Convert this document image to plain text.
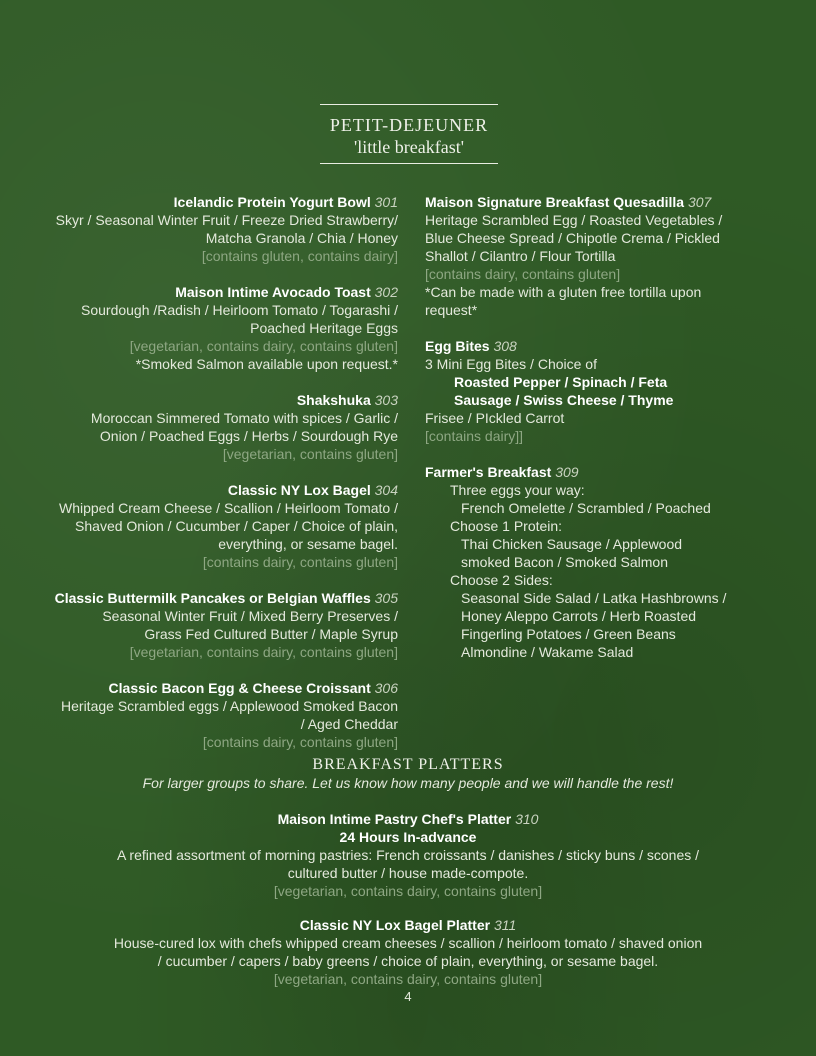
PETIT-DEJEUNER
'little breakfast'
Icelandic Protein Yogurt Bowl 301
Skyr / Seasonal Winter Fruit / Freeze Dried Strawberry/
Matcha Granola / Chia / Honey
[contains gluten, contains dairy]
Maison Intime Avocado Toast 302
Sourdough /Radish / Heirloom Tomato / Togarashi /
Poached Heritage Eggs
[vegetarian, contains dairy, contains gluten]
*Smoked Salmon available upon request.*
Shakshuka 303
Moroccan Simmered Tomato with spices / Garlic /
Onion / Poached Eggs / Herbs / Sourdough Rye
[vegetarian, contains gluten]
Classic NY Lox Bagel 304
Whipped Cream Cheese / Scallion / Heirloom Tomato /
Shaved Onion / Cucumber / Caper / Choice of plain,
everything, or sesame bagel.
[contains dairy, contains gluten]
Classic Buttermilk Pancakes or Belgian Waffles 305
Seasonal Winter Fruit / Mixed Berry Preserves /
Grass Fed Cultured Butter / Maple Syrup
[vegetarian, contains dairy, contains gluten]
Classic Bacon Egg & Cheese Croissant 306
Heritage Scrambled eggs / Applewood Smoked Bacon
/ Aged Cheddar
[contains dairy, contains gluten]
Maison Signature Breakfast Quesadilla 307
Heritage Scrambled Egg / Roasted Vegetables /
Blue Cheese Spread / Chipotle Crema / Pickled
Shallot / Cilantro / Flour Tortilla
[contains dairy, contains gluten]
*Can be made with a gluten free tortilla upon
request*
Egg Bites 308
3 Mini Egg Bites / Choice of
Roasted Pepper / Spinach / Feta
Sausage / Swiss Cheese / Thyme
Frisee / PIckled Carrot
[contains dairy]]
Farmer's Breakfast 309
Three eggs your way:
French Omelette / Scrambled / Poached
Choose 1 Protein:
Thai Chicken Sausage / Applewood
smoked Bacon / Smoked Salmon
Choose 2 Sides:
Seasonal Side Salad / Latka Hashbrowns /
Honey Aleppo Carrots / Herb Roasted
Fingerling Potatoes / Green Beans
Almondine / Wakame Salad
BREAKFAST PLATTERS
For larger groups to share. Let us know how many people and we will handle the rest!
Maison Intime Pastry Chef's Platter 310
24 Hours In-advance
A refined assortment of morning pastries: French croissants / danishes / sticky buns / scones /
cultured butter / house made-compote.
[vegetarian, contains dairy, contains gluten]
Classic NY Lox Bagel Platter 311
House-cured lox with chefs whipped cream cheeses / scallion / heirloom tomato / shaved onion
/ cucumber / capers / baby greens / choice of plain, everything, or sesame bagel.
[vegetarian, contains dairy, contains gluten]
4
